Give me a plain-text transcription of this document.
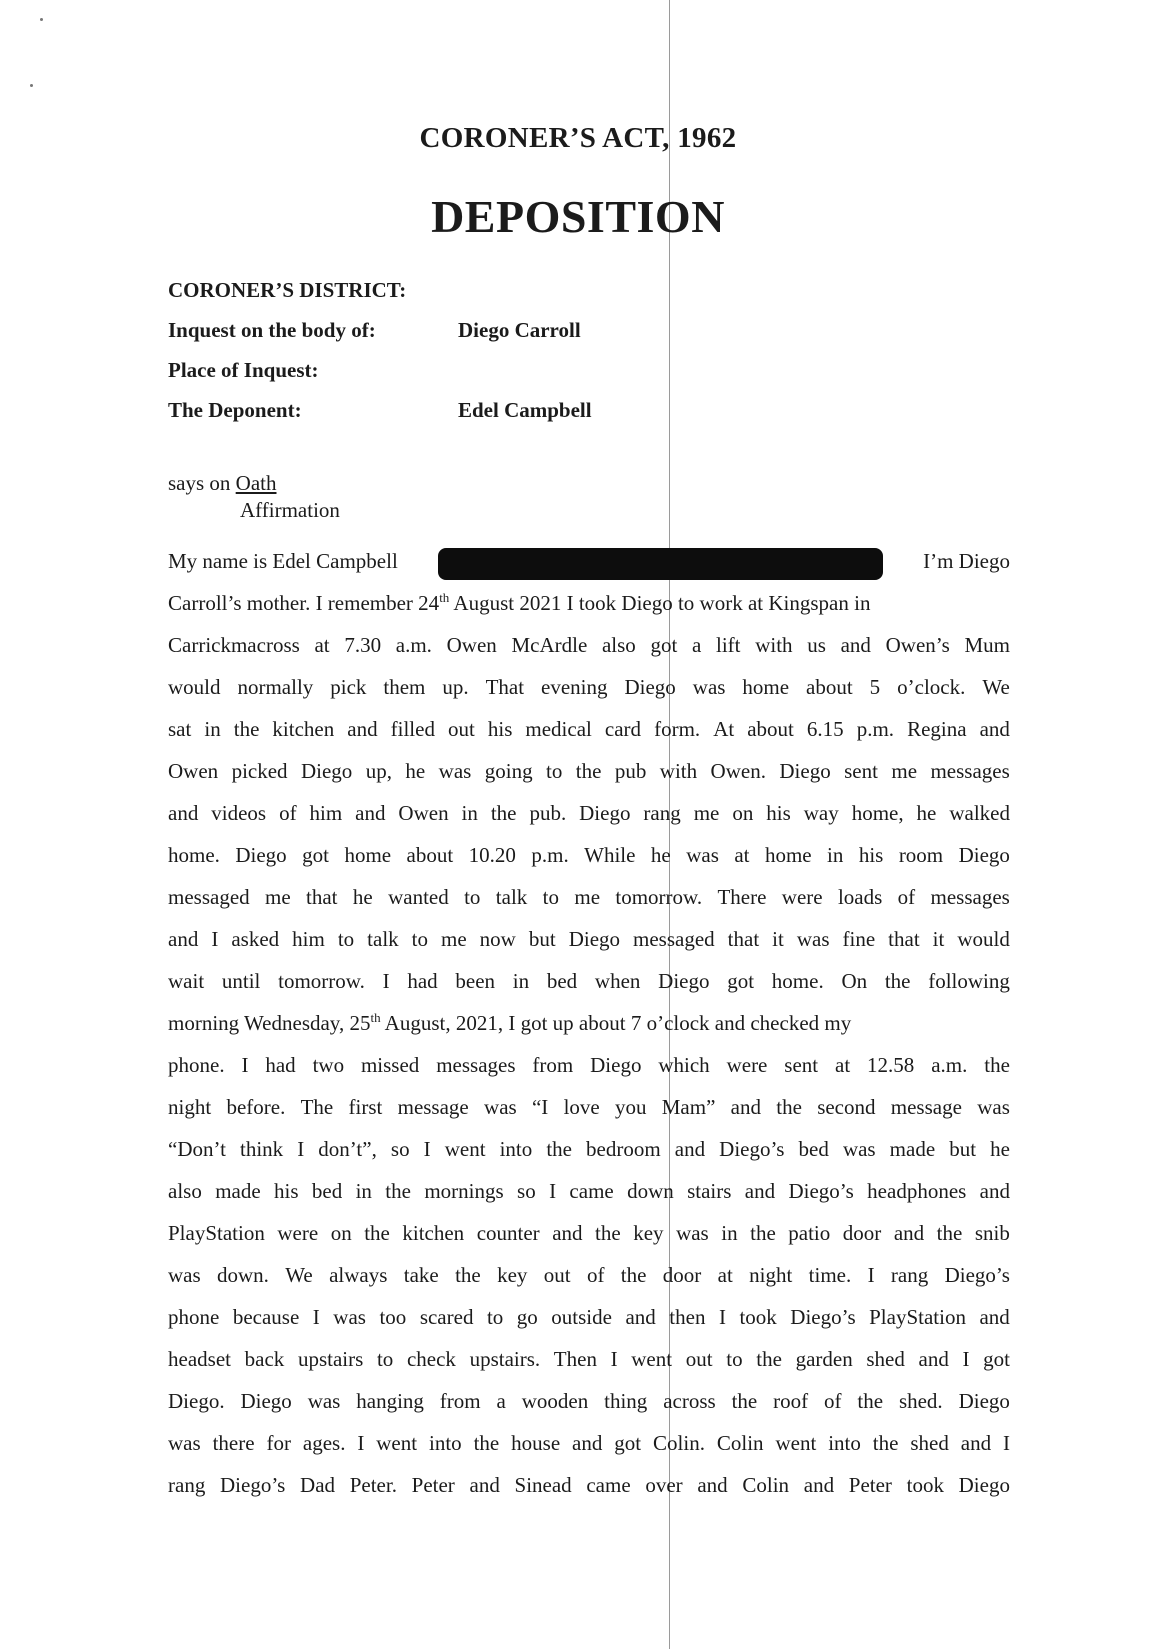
CORONER’S ACT, 1962
DEPOSITION
CORONER’S DISTRICT:
Inquest on the body of:	Diego Carroll
Place of Inquest:
The Deponent:	Edel Campbell
says on Oath
Affirmation
My name is Edel Campbell	I’m Diego
Carroll’s mother. I remember 24th August 2021 I took Diego to work at Kingspan in
Carrickmacross at 7.30 a.m. Owen McArdle also got a lift with us and Owen’s Mum
would normally pick them up. That evening Diego was home about 5 o’clock. We
sat in the kitchen and filled out his medical card form. At about 6.15 p.m. Regina and
Owen picked Diego up, he was going to the pub with Owen. Diego sent me messages
and videos of him and Owen in the pub. Diego rang me on his way home, he walked
home. Diego got home about 10.20 p.m. While he was at home in his room Diego
messaged me that he wanted to talk to me tomorrow. There were loads of messages
and I asked him to talk to me now but Diego messaged that it was fine that it would
wait until tomorrow. I had been in bed when Diego got home. On the following
morning Wednesday, 25th August, 2021, I got up about 7 o’clock and checked my
phone. I had two missed messages from Diego which were sent at 12.58 a.m. the
night before. The first message was “I love you Mam” and the second message was
“Don’t think I don’t”, so I went into the bedroom and Diego’s bed was made but he
also made his bed in the mornings so I came down stairs and Diego’s headphones and
PlayStation were on the kitchen counter and the key was in the patio door and the snib
was down. We always take the key out of the door at night time. I rang Diego’s
phone because I was too scared to go outside and then I took Diego’s PlayStation and
headset back upstairs to check upstairs. Then I went out to the garden shed and I got
Diego. Diego was hanging from a wooden thing across the roof of the shed. Diego
was there for ages. I went into the house and got Colin. Colin went into the shed and I
rang Diego’s Dad Peter. Peter and Sinead came over and Colin and Peter took Diego
